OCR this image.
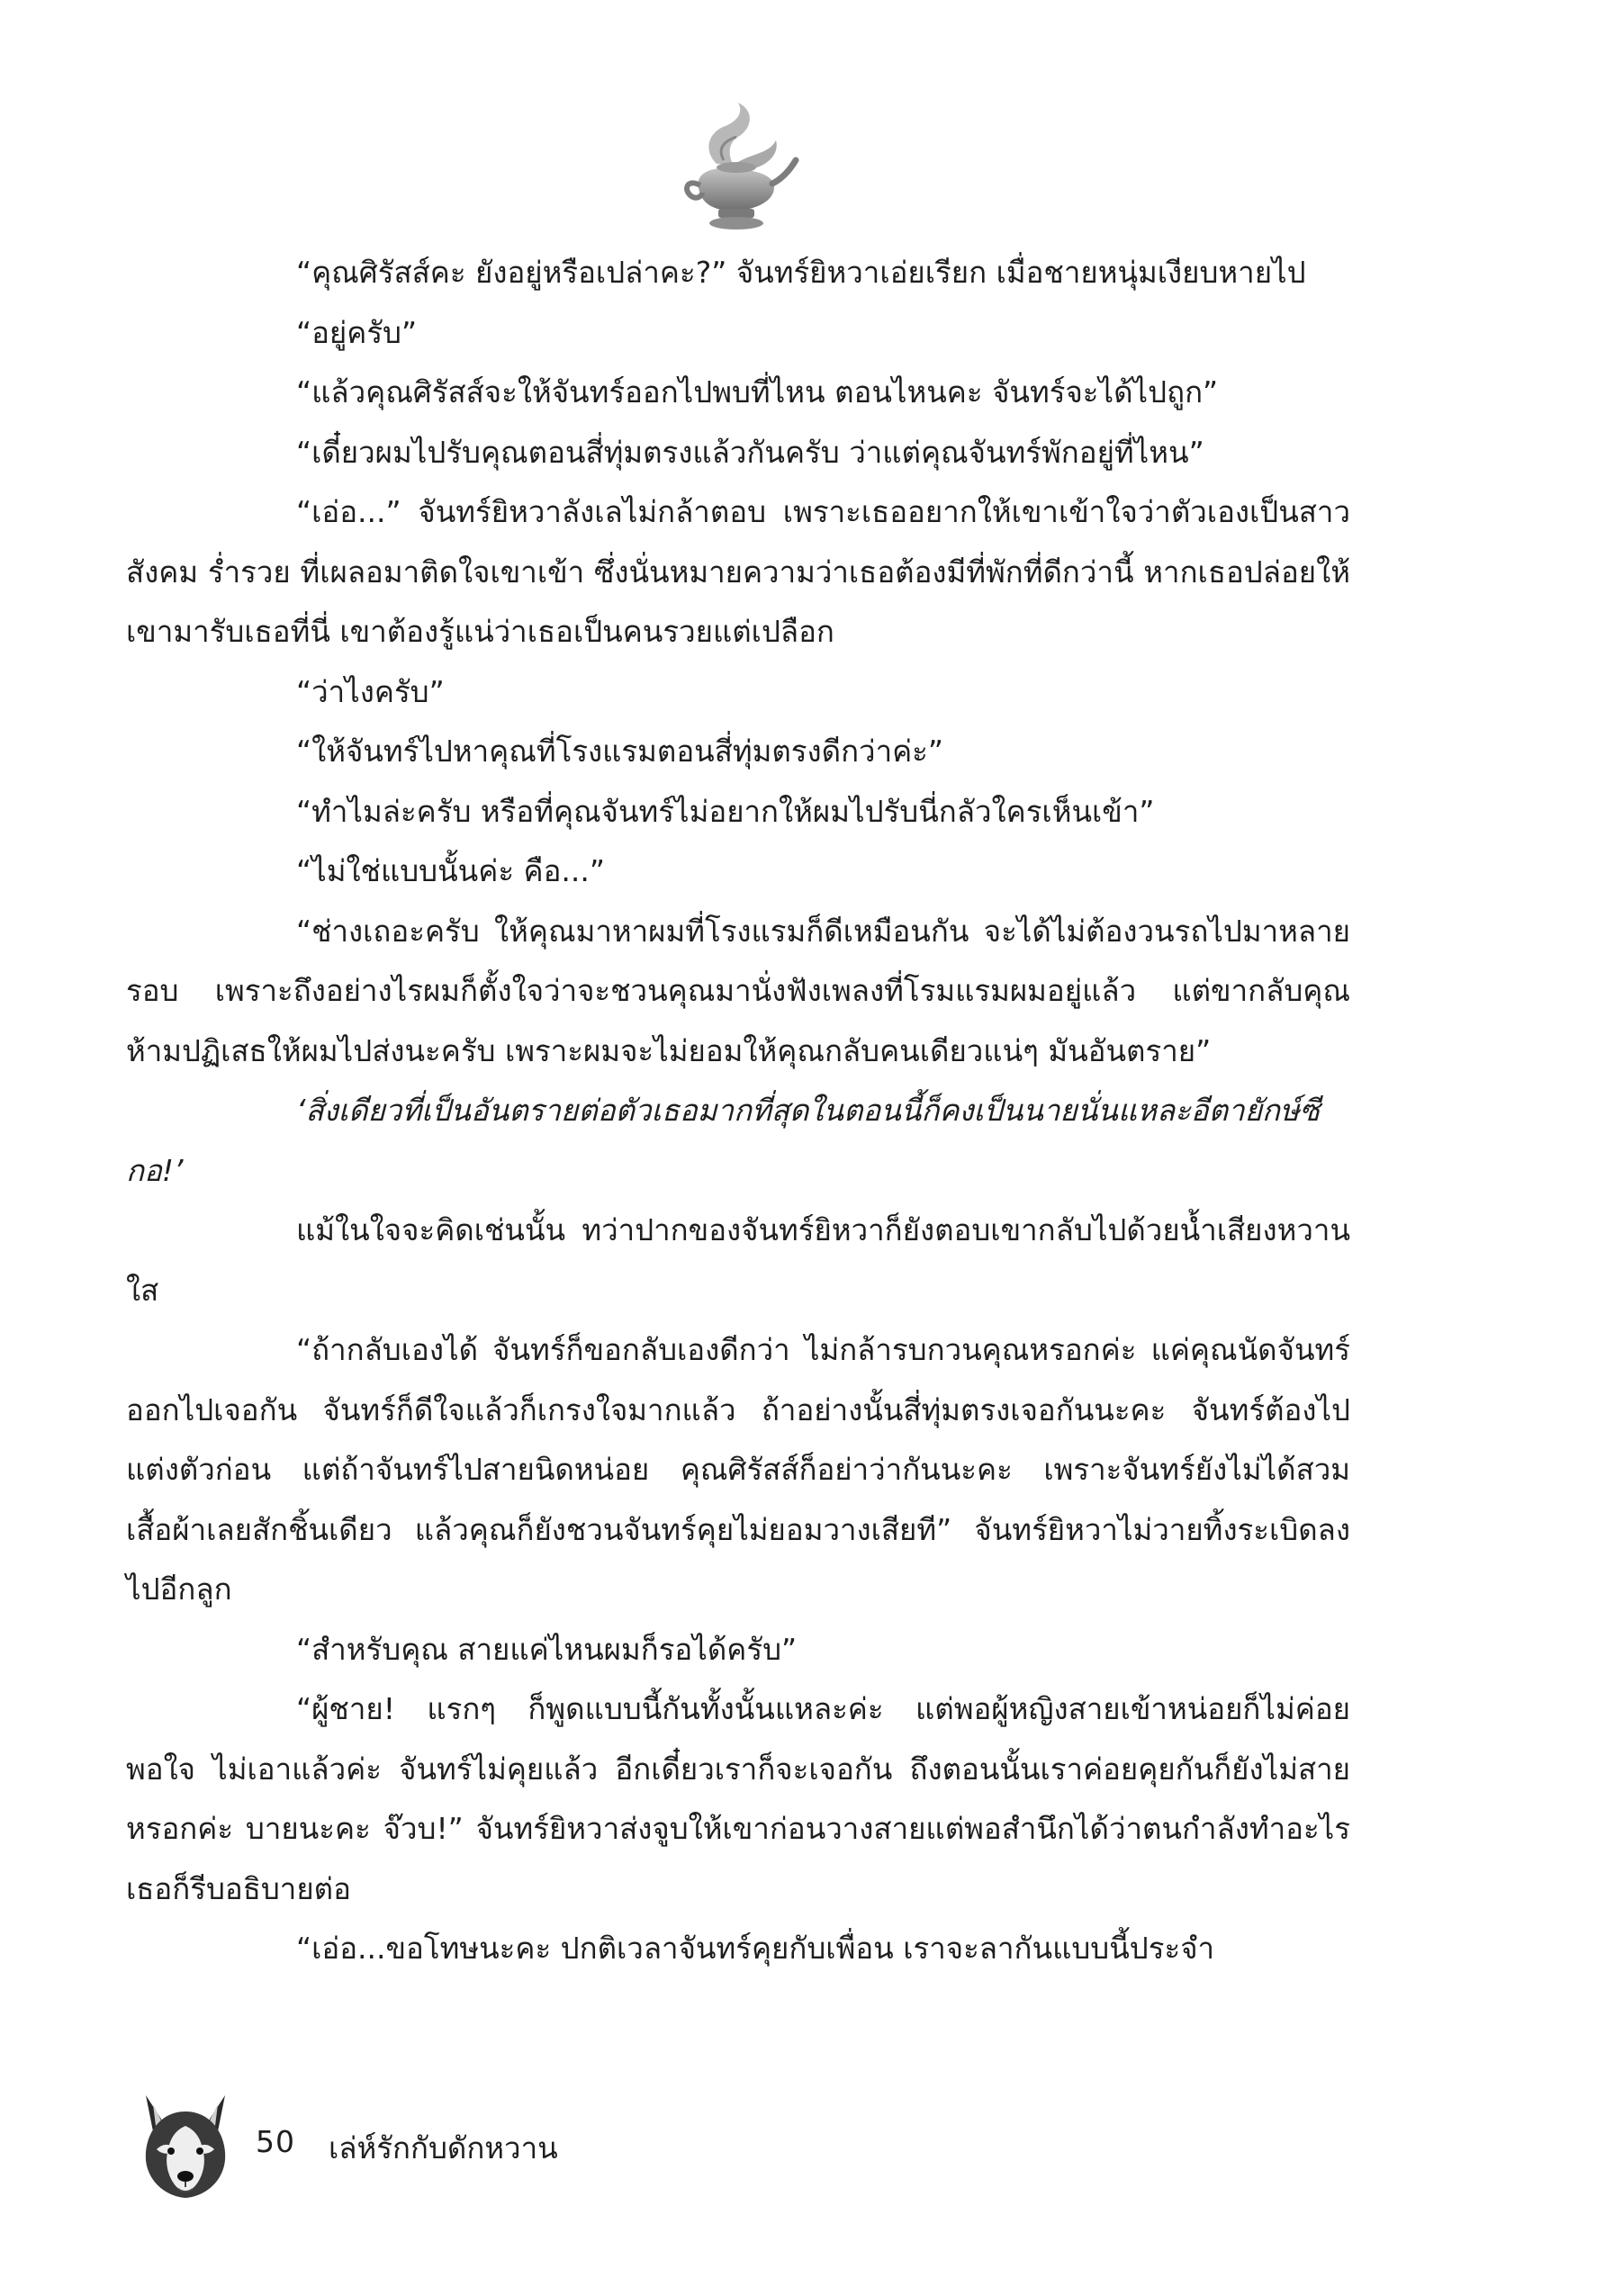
“คุณศิรัสส์คะ ยังอยู่หรือเปล่าคะ?” จันทร์ยิหวาเอ่ยเรียก เมื่อชายหนุ่มเงียบหายไป

“อยู่ครับ”

“แล้วคุณศิรัสส์จะให้จันทร์ออกไปพบที่ไหน ตอนไหนคะ จันทร์จะได้ไปถูก”

“เดี๋ยวผมไปรับคุณตอนสี่ทุ่มตรงแล้วกันครับ ว่าแต่คุณจันทร์พักอยู่ที่ไหน”

“เอ่อ...” จันทร์ยิหวาลังเลไม่กล้าตอบ เพราะเธออยากให้เขาเข้าใจว่าตัวเองเป็นสาวสังคม ร่ำรวย ที่เผลอมาติดใจเขาเข้า ซึ่งนั่นหมายความว่าเธอต้องมีที่พักที่ดีกว่านี้ หากเธอปล่อยให้เขามารับเธอที่นี่ เขาต้องรู้แน่ว่าเธอเป็นคนรวยแต่เปลือก

“ว่าไงครับ”

“ให้จันทร์ไปหาคุณที่โรงแรมตอนสี่ทุ่มตรงดีกว่าค่ะ”

“ทำไมล่ะครับ หรือที่คุณจันทร์ไม่อยากให้ผมไปรับนี่กลัวใครเห็นเข้า”

“ไม่ใช่แบบนั้นค่ะ คือ...”

“ช่างเถอะครับ ให้คุณมาหาผมที่โรงแรมก็ดีเหมือนกัน จะได้ไม่ต้องวนรถไปมาหลายรอบ เพราะถึงอย่างไรผมก็ตั้งใจว่าจะชวนคุณมานั่งฟังเพลงที่โรมแรมผมอยู่แล้ว แต่ขากลับคุณห้ามปฏิเสธให้ผมไปส่งนะครับ เพราะผมจะไม่ยอมให้คุณกลับคนเดียวแน่ๆ มันอันตราย”

‘สิ่งเดียวที่เป็นอันตรายต่อตัวเธอมากที่สุดในตอนนี้ก็คงเป็นนายนั่นแหละอีตายักษ์ซีกอ!’

แม้ในใจจะคิดเช่นนั้น ทว่าปากของจันทร์ยิหวาก็ยังตอบเขากลับไปด้วยน้ำเสียงหวานใส

“ถ้ากลับเองได้ จันทร์ก็ขอกลับเองดีกว่า ไม่กล้ารบกวนคุณหรอกค่ะ แค่คุณนัดจันทร์ออกไปเจอกัน จันทร์ก็ดีใจแล้วก็เกรงใจมากแล้ว ถ้าอย่างนั้นสี่ทุ่มตรงเจอกันนะคะ จันทร์ต้องไปแต่งตัวก่อน แต่ถ้าจันทร์ไปสายนิดหน่อย คุณศิรัสส์ก็อย่าว่ากันนะคะ เพราะจันทร์ยังไม่ได้สวมเสื้อผ้าเลยสักชิ้นเดียว แล้วคุณก็ยังชวนจันทร์คุยไม่ยอมวางเสียที” จันทร์ยิหวาไม่วายทิ้งระเบิดลงไปอีกลูก

“สำหรับคุณ สายแค่ไหนผมก็รอได้ครับ”

“ผู้ชาย! แรกๆ ก็พูดแบบนี้กันทั้งนั้นแหละค่ะ แต่พอผู้หญิงสายเข้าหน่อยก็ไม่ค่อยพอใจ ไม่เอาแล้วค่ะ จันทร์ไม่คุยแล้ว อีกเดี๋ยวเราก็จะเจอกัน ถึงตอนนั้นเราค่อยคุยกันก็ยังไม่สายหรอกค่ะ บายนะคะ จ๊วบ!” จันทร์ยิหวาส่งจูบให้เขาก่อนวางสายแต่พอสำนึกได้ว่าตนกำลังทำอะไร เธอก็รีบอธิบายต่อ

“เอ่อ...ขอโทษนะคะ ปกติเวลาจันทร์คุยกับเพื่อน เราจะลากันแบบนี้ประจำ

50 เล่ห์รักกับดักหวาน
